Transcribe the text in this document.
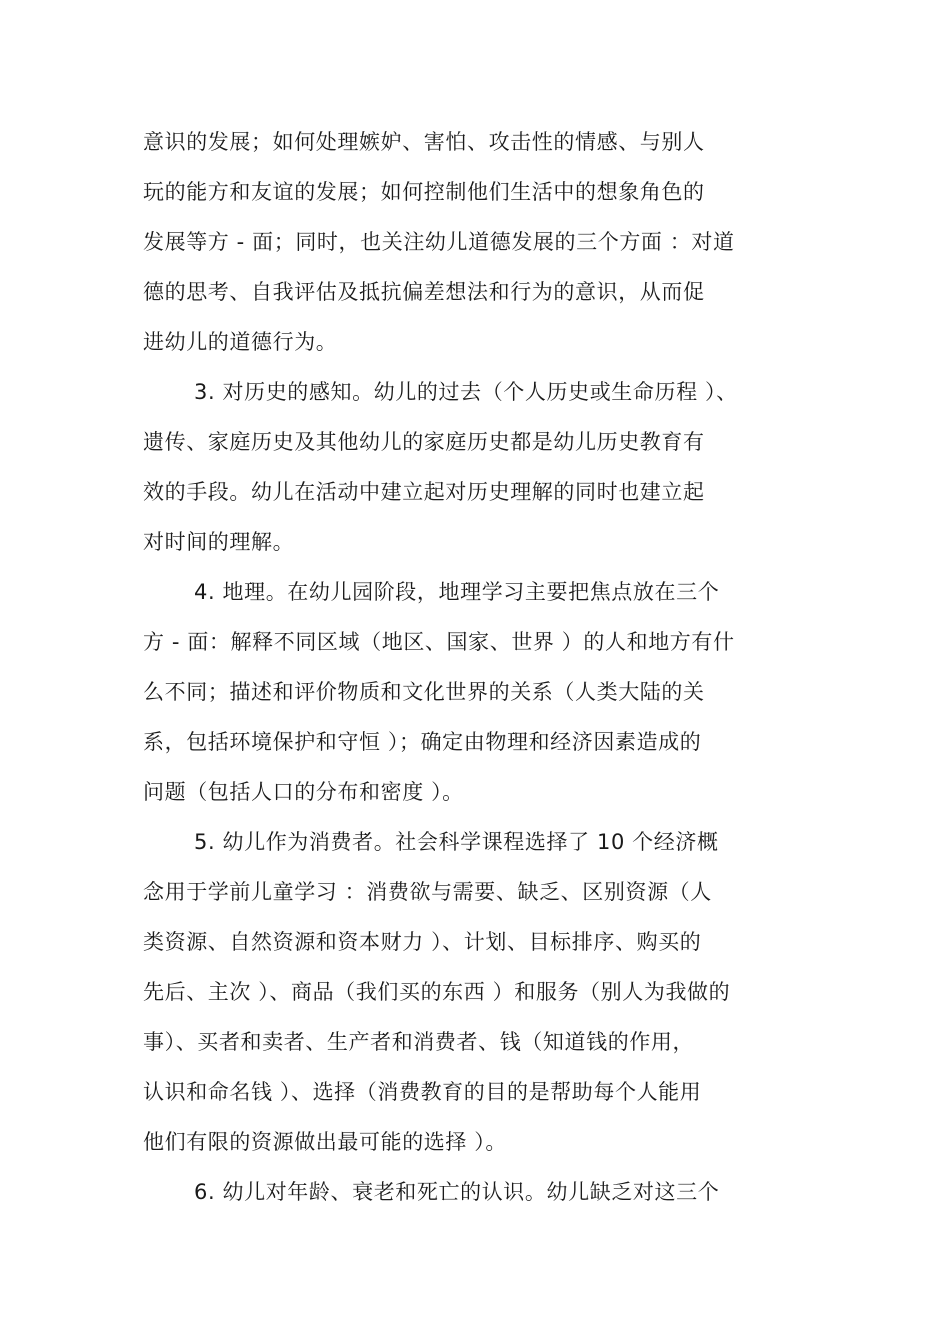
意识的发展；如何处理嫉妒、害怕、攻击性的情感、与别人
玩的能方和友谊的发展；如何控制他们生活中的想象角色的
发展等方 - 面；同时，也关注幼儿道德发展的三个方面 ：对道
德的思考、自我评估及抵抗偏差想法和行为的意识，从而促
进幼儿的道德行为。
3. 对历史的感知。幼儿的过去（个人历史或生命历程 ）、
遗传、家庭历史及其他幼儿的家庭历史都是幼儿历史教育有
效的手段。幼儿在活动中建立起对历史理解的同时也建立起
对时间的理解。
4. 地理。在幼儿园阶段，地理学习主要把焦点放在三个
方 - 面：解释不同区域（地区、国家、世界 ）的人和地方有什
么不同；描述和评价物质和文化世界的关系（人类大陆的关
系，包括环境保护和守恒 ）；确定由物理和经济因素造成的
问题（包括人口的分布和密度 ）。
5. 幼儿作为消费者。社会科学课程选择了 10 个经济概
念用于学前儿童学习 ：消费欲与需要、缺乏、区别资源（人
类资源、自然资源和资本财力 ）、计划、目标排序、购买的
先后、主次 ）、商品（我们买的东西 ）和服务（别人为我做的
事）、买者和卖者、生产者和消费者、钱（知道钱的作用，
认识和命名钱 ）、选择（消费教育的目的是帮助每个人能用
他们有限的资源做出最可能的选择 ）。
6. 幼儿对年龄、衰老和死亡的认识。幼儿缺乏对这三个
